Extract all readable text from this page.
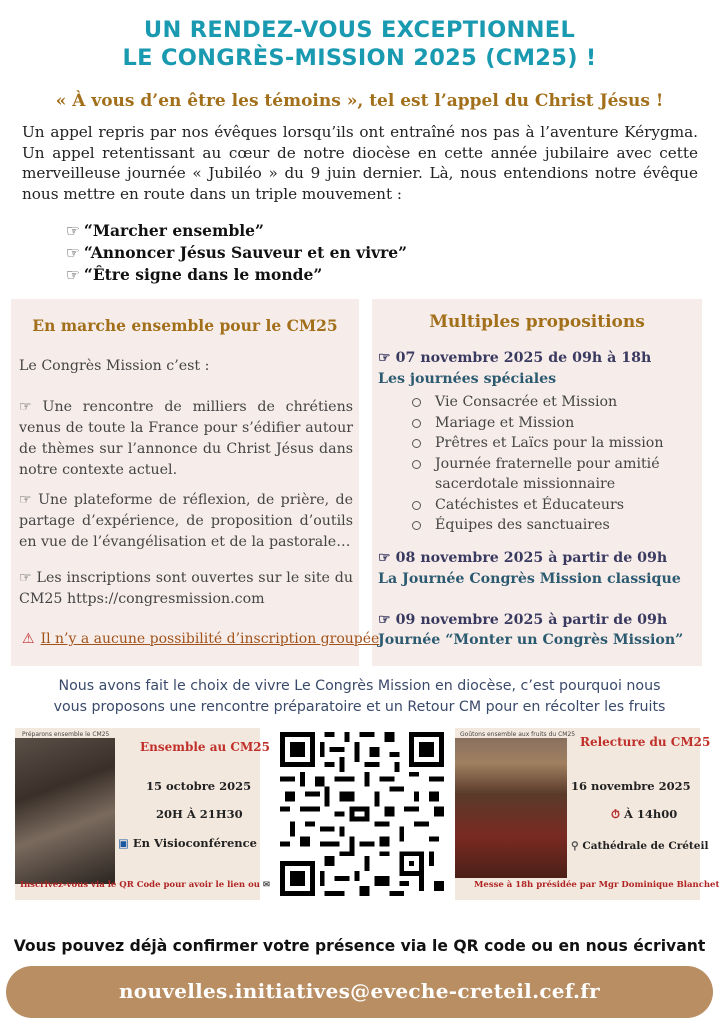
UN RENDEZ-VOUS EXCEPTIONNEL
LE CONGRÈS-MISSION 2025 (CM25) !
« À vous d’en être les témoins », tel est l’appel du Christ Jésus !
Un appel repris par nos évêques lorsqu’ils ont entraîné nos pas à l’aventure Kérygma. Un appel retentissant au cœur de notre diocèse en cette année jubilaire avec cette merveilleuse journée « Jubiléo » du 9 juin dernier. Là, nous entendions notre évêque nous mettre en route dans un triple mouvement :
☞ “Marcher ensemble”
☞ “Annoncer Jésus Sauveur et en vivre”
☞ “Être signe dans le monde”
En marche ensemble pour le CM25
Le Congrès Mission c’est :
☞ Une rencontre de milliers de chrétiens venus de toute la France pour s’édifier autour de thèmes sur l’annonce du Christ Jésus dans notre contexte actuel.
☞ Une plateforme de réflexion, de prière, de partage d’expérience, de proposition d’outils en vue de l’évangélisation et de la pastorale…
☞ Les inscriptions sont ouvertes sur le site du CM25 https://congresmission.com
⚠ Il n’y a aucune possibilité d’inscription groupée
Multiples propositions
☞ 07 novembre 2025 de 09h à 18h
Les journées spéciales
Vie Consacrée et Mission
Mariage et Mission
Prêtres et Laïcs pour la mission
Journée fraternelle pour amitié sacerdotale missionnaire
Catéchistes et Éducateurs
Équipes des sanctuaires
☞ 08 novembre 2025 à partir de 09h
La Journée Congrès Mission classique
☞ 09 novembre 2025 à partir de 09h
Journée “Monter un Congrès Mission”
Nous avons fait le choix de vivre Le Congrès Mission en diocèse, c’est pourquoi nous
vous proposons une rencontre préparatoire et un Retour CM pour en récolter les fruits
Préparons ensemble le CM25
Ensemble au CM25
15 octobre 2025
20H À 21H30
▣ En Visioconférence
Inscrivez-vous via le QR Code pour avoir le lien ou ✉
Goûtons ensemble aux fruits du CM25
Relecture du CM25
16 novembre 2025
⏱ À 14h00
⚲ Cathédrale de Créteil
Messe à 18h présidée par Mgr Dominique Blanchet
Vous pouvez déjà confirmer votre présence via le QR code ou en nous écrivant
nouvelles.initiatives@eveche-creteil.cef.fr
